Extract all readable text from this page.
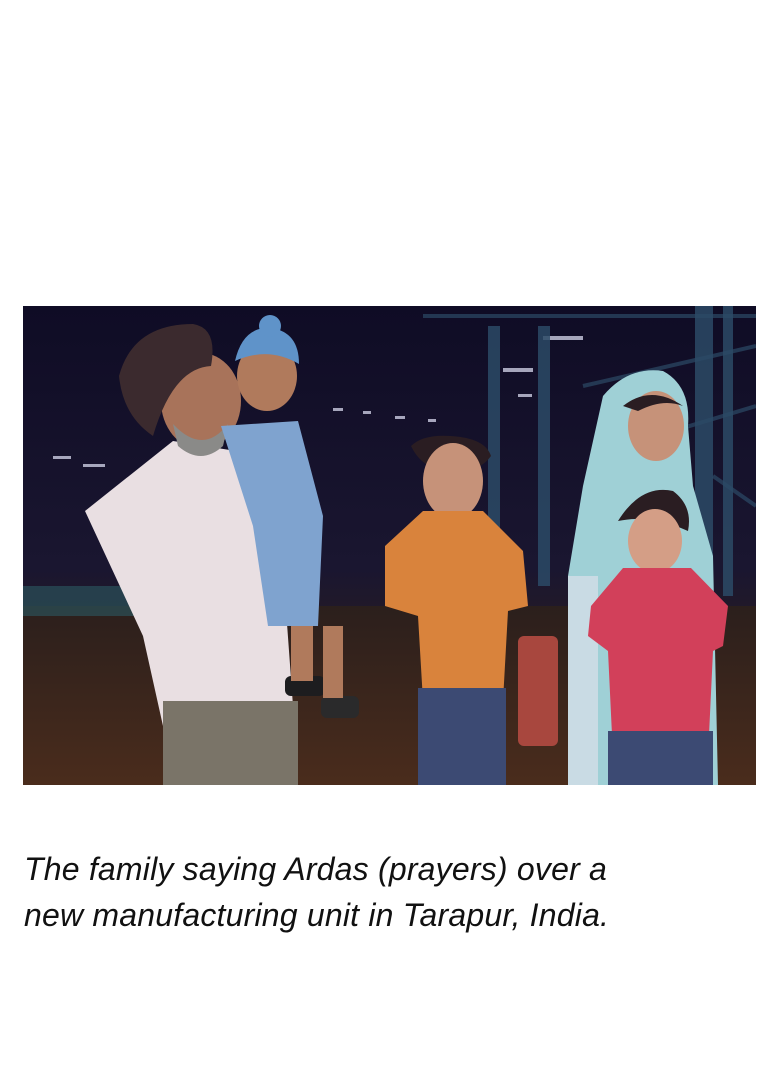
The family saying Ardas (prayers) over a
new manufacturing unit in Tarapur, India.
